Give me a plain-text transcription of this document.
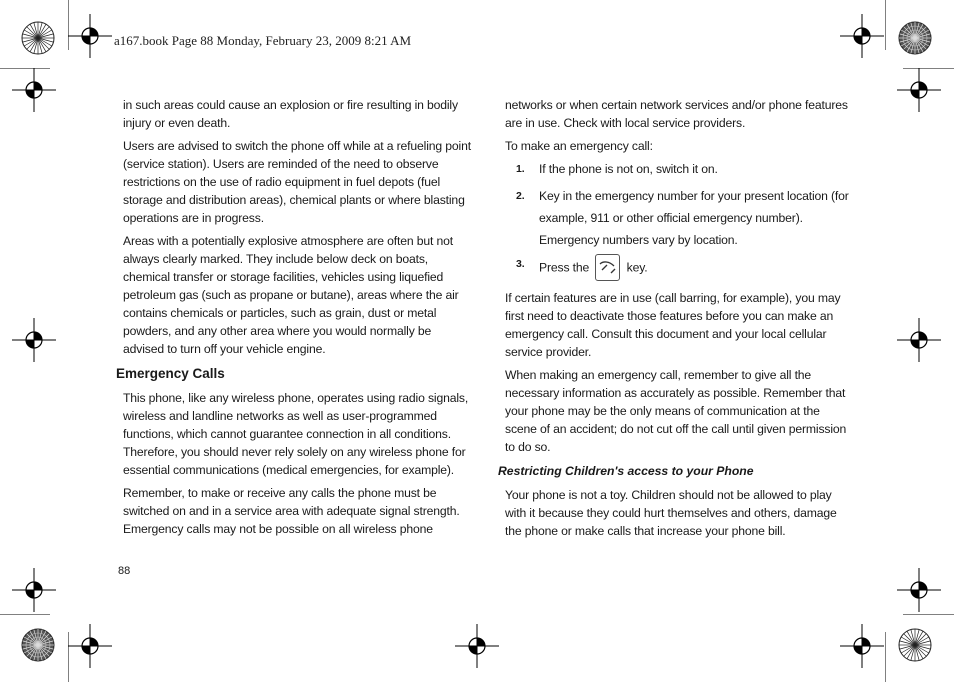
a167.book Page 88 Monday, February 23, 2009 8:21 AM

in such areas could cause an explosion or fire resulting in bodily injury or even death.

Users are advised to switch the phone off while at a refueling point (service station). Users are reminded of the need to observe restrictions on the use of radio equipment in fuel depots (fuel storage and distribution areas), chemical plants or where blasting operations are in progress.

Areas with a potentially explosive atmosphere are often but not always clearly marked. They include below deck on boats, chemical transfer or storage facilities, vehicles using liquefied petroleum gas (such as propane or butane), areas where the air contains chemicals or particles, such as grain, dust or metal powders, and any other area where you would normally be advised to turn off your vehicle engine.

Emergency Calls

This phone, like any wireless phone, operates using radio signals, wireless and landline networks as well as user-programmed functions, which cannot guarantee connection in all conditions. Therefore, you should never rely solely on any wireless phone for essential communications (medical emergencies, for example).

Remember, to make or receive any calls the phone must be switched on and in a service area with adequate signal strength. Emergency calls may not be possible on all wireless phone

networks or when certain network services and/or phone features are in use. Check with local service providers.

To make an emergency call:

1. If the phone is not on, switch it on.
2. Key in the emergency number for your present location (for example, 911 or other official emergency number). Emergency numbers vary by location.
3. Press the	key.

If certain features are in use (call barring, for example), you may first need to deactivate those features before you can make an emergency call. Consult this document and your local cellular service provider.

When making an emergency call, remember to give all the necessary information as accurately as possible. Remember that your phone may be the only means of communication at the scene of an accident; do not cut off the call until given permission to do so.

Restricting Children's access to your Phone

Your phone is not a toy. Children should not be allowed to play with it because they could hurt themselves and others, damage the phone or make calls that increase your phone bill.

88
